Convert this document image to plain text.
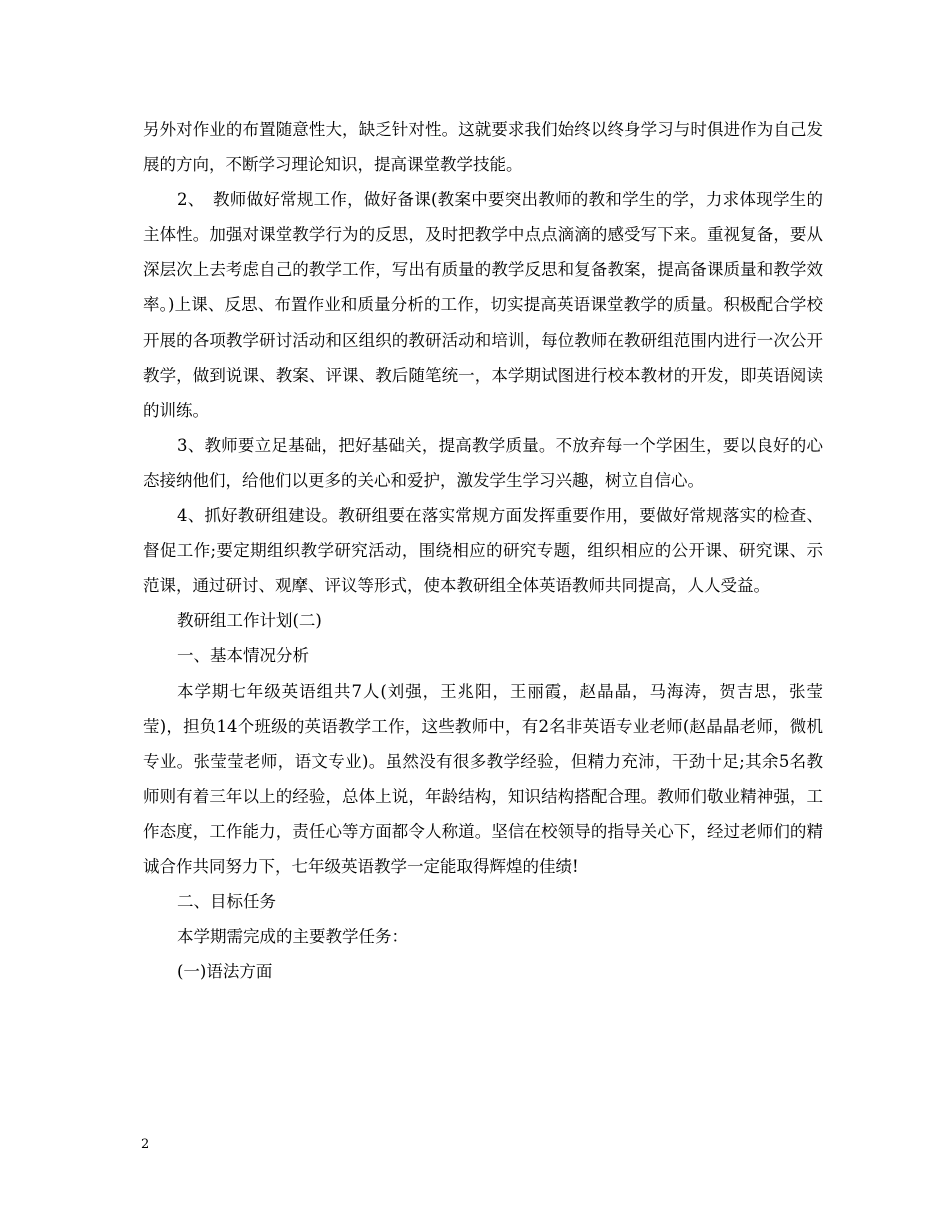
另外对作业的布置随意性大，缺乏针对性。这就要求我们始终以终身学习与时俱进作为自己发展的方向，不断学习理论知识，提高课堂教学技能。

2、　教师做好常规工作，做好备课(教案中要突出教师的教和学生的学，力求体现学生的主体性。加强对课堂教学行为的反思，及时把教学中点点滴滴的感受写下来。重视复备，要从深层次上去考虑自己的教学工作，写出有质量的教学反思和复备教案，提高备课质量和教学效率。)上课、反思、布置作业和质量分析的工作，切实提高英语课堂教学的质量。积极配合学校开展的各项教学研讨活动和区组织的教研活动和培训，每位教师在教研组范围内进行一次公开教学，做到说课、教案、评课、教后随笔统一，本学期试图进行校本教材的开发，即英语阅读的训练。

3、教师要立足基础，把好基础关，提高教学质量。不放弃每一个学困生，要以良好的心态接纳他们，给他们以更多的关心和爱护，激发学生学习兴趣，树立自信心。

4、抓好教研组建设。教研组要在落实常规方面发挥重要作用，要做好常规落实的检查、督促工作;要定期组织教学研究活动，围绕相应的研究专题，组织相应的公开课、研究课、示范课，通过研讨、观摩、评议等形式，使本教研组全体英语教师共同提高，人人受益。

教研组工作计划(二)

一、基本情况分析

本学期七年级英语组共7人(刘强，王兆阳，王丽霞，赵晶晶，马海涛，贺吉思，张莹莹)，担负14个班级的英语教学工作，这些教师中，有2名非英语专业老师(赵晶晶老师，微机专业。张莹莹老师，语文专业)。虽然没有很多教学经验，但精力充沛，干劲十足;其余5名教师则有着三年以上的经验，总体上说，年龄结构，知识结构搭配合理。教师们敬业精神强，工作态度，工作能力，责任心等方面都令人称道。坚信在校领导的指导关心下，经过老师们的精诚合作共同努力下，七年级英语教学一定能取得辉煌的佳绩!

二、目标任务

本学期需完成的主要教学任务：

(一)语法方面

2
